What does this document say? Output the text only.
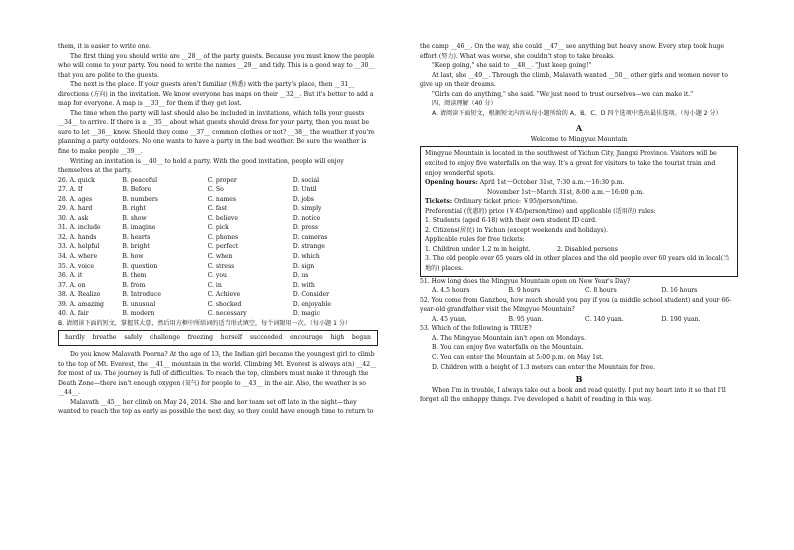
them, it is easier to write one.

The first thing you should write are __28__ of the party guests. Because you must know the people who will come to your party. You need to write the names __29__ and tidy. This is a good way to __30__ that you are polite to the guests.

The next is the place. If your guests aren't familiar (熟悉) with the party's place, then __31__ directions (方向) in the invitation. We know everyone has maps on their __32__. But it's better to add a map for everyone. A map is __33__ for them if they get lost.

The time when the party will last should also be included in invitations, which tells your guests __34__ to arrive. If there is a __35__ about what guests should dress for your party, then you must be sure to let __36__ know. Should they come __37__ common clothes or not? __38__ the weather if you're planning a party outdoors. No one wants to have a party in the bad weather. Be sure the weather is fine to make people __39__.

Writing an invitation is __40__ to hold a party. With the good invitation, people will enjoy themselves at the party.

26. A. quick	B. peaceful	C. proper	D. social
27. A. If	B. Before	C. So	D. Until
28. A. ages	B. numbers	C. names	D. jobs
29. A. hard	B. right	C. fast	D. simply
30. A. ask	B. show	C. believe	D. notice
31. A. include	B. imagine	C. pick	D. press
32. A. hands	B. hearts	C. phones	D. cameras
33. A. helpful	B. bright	C. perfect	D. strange
34. A. where	B. how	C. when	D. which
35. A. voice	B. question	C. stress	D. sign
36. A. it	B. them	C. you	D. us
37. A. on	B. from	C. in	D. with
38. A. Realize	B. Introduce	C. Achieve	D. Consider
39. A. amazing	B. unusual	C. shocked	D. enjoyable
40. A. fair	B. modern	C. necessary	D. magic

B. 请阅读下面的短文，掌握其大意，然后用方框中所给词的适当形式填空，每个词限用一次。（每小题 1 分）

hardly breathe safely challenge freezing herself succeeded encourage high began

Do you know Malavath Poorna? At the age of 13, the Indian girl became the youngest girl to climb to the top of Mt. Everest, the __41__ mountain in the world. Climbing Mt. Everest is always a(n) __42__ for most of us. The journey is full of difficulties. To reach the top, climbers must make it through the Death Zone—there isn't enough oxygen (氧气) for people to __43__ in the air. Also, the weather is so __44__.

Malavath __45__ her climb on May 24, 2014. She and her team set off late in the night—they wanted to reach the top as early as possible the next day, so they could have enough time to return to

the camp __46__. On the way, she could __47__ see anything but heavy snow. Every step took huge effort (努力). What was worse, she couldn't stop to take breaks.

"Keep going," she said to __48__. "Just keep going!"

At last, she __49__. Through the climb, Malavath wanted __50__ other girls and women never to give up on their dreams.

"Girls can do anything," she said. "We just need to trust ourselves—we can make it."

四、阅读理解（40 分）

A. 请阅读下面短文，根据短文内容从每小题所给的 A、B、C、D 四个选项中选出最佳选项。（每小题 2 分）

A
Welcome to Mingyue Mountain

Mingyue Mountain is located in the southwest of Yichun City, Jiangxi Province. Visitors will be excited to enjoy five waterfalls on the way. It's a great for visitors to take the tourist train and enjoy wonderful spots.

Opening hours: April 1st～October 31st, 7:30 a.m.～16:30 p.m.

November 1st～March 31st, 8:00 a.m.～16:00 p.m.

Tickets: Ordinary ticket price: ￥95/person/time.

Preferential (优惠的) price (￥45/person/time) and applicable (适用的) rules:

1. Students (aged 6-18) with their own student ID card.

2. Citizens(居民) in Yichun (except weekends and holidays).

Applicable rules for free tickets:

1. Children under 1.2 m in height.	2. Disabled persons

3. The old people over 65 years old in other places and the old people over 60 years old in local(当地的) places.

51. How long does the Mingyue Mountain open on New Year's Day?

A. 4.5 hours	B. 9 hours	C. 8 hours	D. 16 hours

52. You come from Ganzhou, how much should you pay if you (a middle school student) and your 66-year-old grandfather visit the Mingyue Mountain?

A. 45 yuan.	B. 95 yuan.	C. 140 yuan.	D. 190 yuan.

53. Which of the following is TRUE?

A. The Mingyue Mountain isn't open on Mondays.

B. You can enjoy five waterfalls on the Mountain.

C. You can enter the Mountain at 5:00 p.m. on May 1st.

D. Children with a height of 1.3 meters can enter the Mountain for free.

B

When I'm in trouble, I always take out a book and read quietly. I put my heart into it so that I'll forget all the unhappy things. I've developed a habit of reading in this way.
